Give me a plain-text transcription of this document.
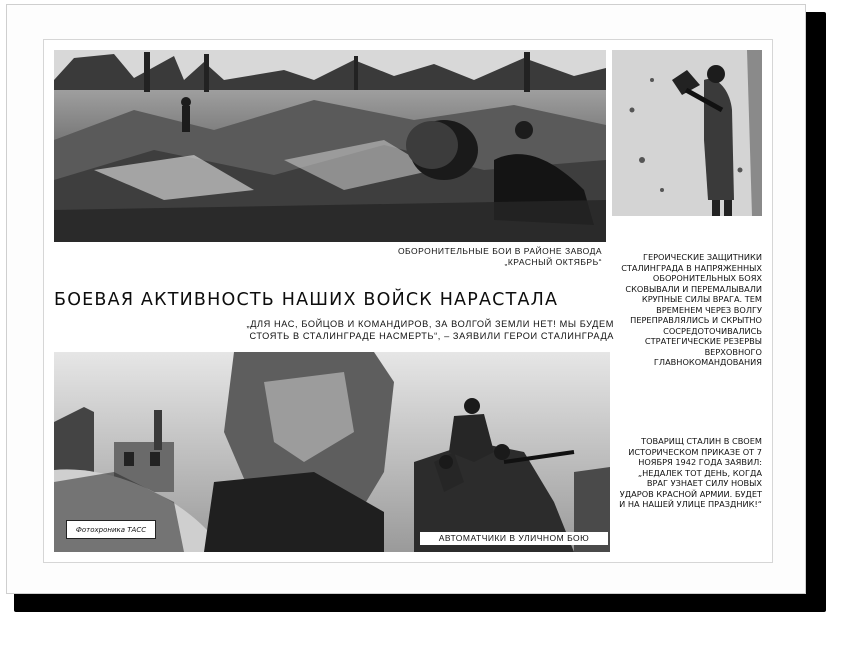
ОБОРОНИТЕЛЬНЫЕ БОИ В РАЙОНЕ ЗАВОДА
„КРАСНЫЙ ОКТЯБРЬ“
БОЕВАЯ АКТИВНОСТЬ НАШИХ ВОЙСК НАРАСТАЛА
„ДЛЯ НАС, БОЙЦОВ И КОМАНДИРОВ, ЗА ВОЛГОЙ ЗЕМЛИ НЕТ! МЫ БУДЕМ
СТОЯТЬ В СТАЛИНГРАДЕ НАСМЕРТЬ“, – ЗАЯВИЛИ ГЕРОИ СТАЛИНГРАДА
ГЕРОИЧЕСКИЕ ЗАЩИТНИКИ СТАЛИНГРАДА В НАПРЯЖЕННЫХ ОБОРОНИТЕЛЬНЫХ БОЯХ СКОВЫВАЛИ И ПЕРЕМАЛЫВАЛИ КРУПНЫЕ СИЛЫ ВРАГА. ТЕМ ВРЕМЕНЕМ ЧЕРЕЗ ВОЛГУ ПЕРЕПРАВЛЯЛИСЬ И СКРЫТНО СОСРЕДОТОЧИВАЛИСЬ СТРАТЕГИЧЕСКИЕ РЕЗЕРВЫ ВЕРХОВНОГО ГЛАВНОКОМАНДОВАНИЯ
ТОВАРИЩ СТАЛИН В СВОЕМ ИСТОРИЧЕСКОМ ПРИКАЗЕ ОТ 7 НОЯБРЯ 1942 ГОДА ЗАЯВИЛ: „НЕДАЛЕК ТОТ ДЕНЬ, КОГДА ВРАГ УЗНАЕТ СИЛУ НОВЫХ УДАРОВ КРАСНОЙ АРМИИ. БУДЕТ И НА НАШЕЙ УЛИЦЕ ПРАЗДНИК!“
Фотохроника ТАСС
АВТОМАТЧИКИ В УЛИЧНОМ БОЮ
